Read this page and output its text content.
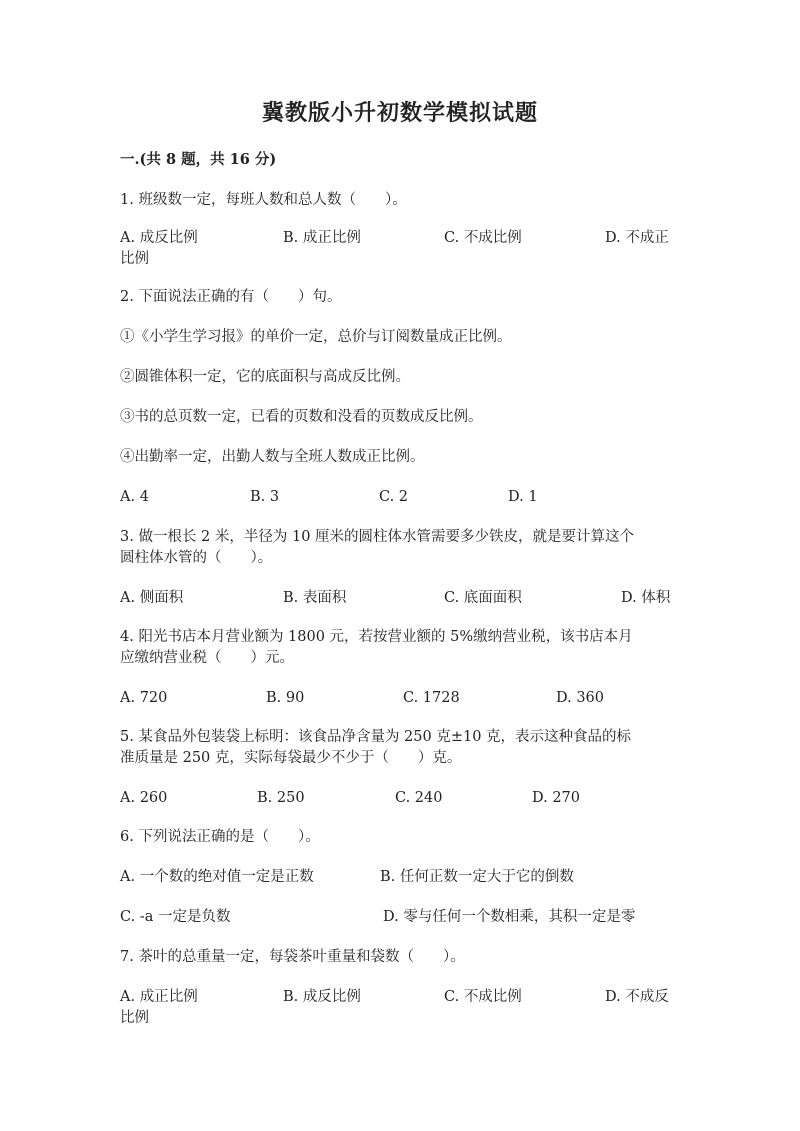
冀教版小升初数学模拟试题
一.(共 8 题，共 16 分)
1. 班级数一定，每班人数和总人数（　　）。
A. 成反比例	B. 成正比例	C. 不成比例	D. 不成正
比例
2. 下面说法正确的有（　　）句。
①《小学生学习报》的单价一定，总价与订阅数量成正比例。
②圆锥体积一定，它的底面积与高成反比例。
③书的总页数一定，已看的页数和没看的页数成反比例。
④出勤率一定，出勤人数与全班人数成正比例。
A. 4	B. 3	C. 2	D. 1
3. 做一根长 2 米，半径为 10 厘米的圆柱体水管需要多少铁皮，就是要计算这个
圆柱体水管的（　　）。
A. 侧面积	B. 表面积	C. 底面面积	D. 体积
4. 阳光书店本月营业额为 1800 元，若按营业额的 5%缴纳营业税，该书店本月
应缴纳营业税（　　）元。
A. 720	B. 90	C. 1728	D. 360
5. 某食品外包装袋上标明：该食品净含量为 250 克±10 克，表示这种食品的标
准质量是 250 克，实际每袋最少不少于（　　）克。
A. 260	B. 250	C. 240	D. 270
6. 下列说法正确的是（　　）。
A. 一个数的绝对值一定是正数	B. 任何正数一定大于它的倒数
C. -a 一定是负数	D. 零与任何一个数相乘，其积一定是零
7. 茶叶的总重量一定，每袋茶叶重量和袋数（　　）。
A. 成正比例	B. 成反比例	C. 不成比例	D. 不成反
比例
